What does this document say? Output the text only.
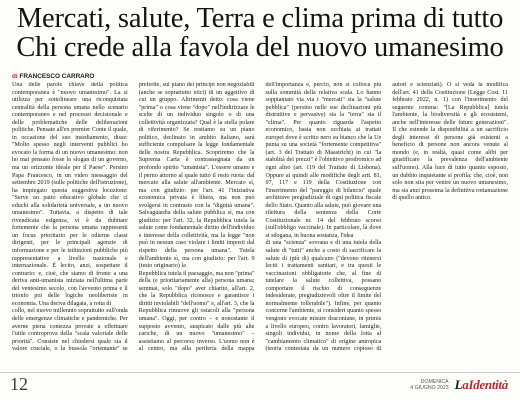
Mercati, salute, Terra e clima prima di tutto
Chi crede alla favola del nuovo umanesimo
di FRANCESCO CARRARO

Una delle parole chiave della politica contemporanea è "nuovo umanesimo". La si utilizza per sottolineare una riconquistata centralità della persona umana nello scenario contemporaneo e nel processo decisionale e delle problematiche delle deliberazioni politiche. Pensate all'ex premier Conte il quale, in occasione del suo insediamento, disse: "Molto spesso negli interventi pubblici ho evocato la forma di un nuovo umanesimo: non ho mai pensato fosse lo slogan di un governo, ma un orizzonte ideale per il Paese". Persino Papa Francesco, in un video messaggio del settembre 2019 (sulle politiche dell'istruzione), ha impiegato questa suggestiva locuzione: "Serve un patto educativo globale che ci educhi alla solidarietà universale, a un nuovo umanesimo". Tuttavia, a dispetto di tale rivendicata esigenza, vi è da dubitare fortemente che la persona umana rappresenti un focus prioritario per le odierne classi dirigenti, per le principali agenzie di informazione e per le istituzioni pubbliche più rappresentative a livello nazionale e internazionale. È lecito, anzi, sospettare il contrario: e, cioè, che siamo di fronte a una deriva anti-umanista iniziata nell'ultima parte del ventesimo secolo, con l'avvento prima e il trionfo poi delle logiche neoliberiste in economia. Una deriva dilagata, a rotta di

collo, nel nuovo millennio soprattutto sull'onda delle emergenze climatiche e pandemiche. Per averne piena contezza provate a effettuare l'utile controprova della "scala valoriale delle priorità". Consiste nel chiedersi quale sia il valore cruciale, o la bussola "orientante" se preferite, sul piano dei principi non negoziabili (anche se soprattutto etici) di un aggettivo di cui un gruppo. Altrimenti detto: cosa viene "prima" o cosa viene "dopo" nell'indirizzare le scelte di un individuo singolo o di una collettività organizzata? Qual è la stella polare di riferimento? Se restiamo su un piano politico, declinato in ambito italiano, sarà sufficiente compulsare la legge fondamentale delle nostra Repubblica. Scopriremo che la Suprema Carta è contrassegnata da un profondo spirito "umanista". L'essere umano e il perno attorno al quale tutto il resto ruota: dal mercato alla salute all'ambiente. Mercato sì, ma con giudizio: per l'art. 41 l'iniziativa economica privata è libera, ma non può svolgersi in contrasto con la "dignità umana". Salvaguardia della salute pubblica sì, ma con giudizio: per l'art. 32, la Repubblica tutela la salute come fondamentale diritto dell'individuo e interesse della collettività, ma la legge "non può in nessun caso violare i limiti imposti dal rispetto della persona umana". Tutela dell'ambiente sì, ma con giudizio: per l'art. 9 (testo originario) la

Repubblica tutela il paesaggio, ma non "prima" della (e prioritariamente alla) persona umana; semmai, solo "dopo" aver chiarito, all'art. 2, che la Repubblica riconosce e garantisce i diritti inviolabili "dell'uomo" e, all'art. 3, che la Repubblica rimuove gli ostacoli alla "persona umana". Oggi, per contro – e nonostante il supposto avvento, auspicato dalle più alte cariche, di un nuovo "umanesimo" – assistiamo al percorso inverso. L'uomo non è al centro, ma alla periferia della mappa dell'importanza e, perciò, non si colloca più sulla sommità della relativa scala. Lo hanno soppiantato via via i "mercati" sia la "salute pubblica" (persino nelle sue declinazioni più distruttive e pervasive) sia la "terra" sia il "clima". Per quanto riguarda l'aspetto economico, basta non occhiata ai trattati europei dove è scritto nero su bianco che la Ue punta su una società "fortemente competitiva" (art. 3 del Trattato di Maastricht) in cui "la stabilità dei prezzi" è l'obiettivo prodromico ad ogni altro (art. 119 del Trattato di Lisbona). Oppure ai quindi alle modifiche degli artt. 81, 97, 117 e 119 della Costituzione con l'inserimento del "pareggio di bilancio" quale architrave pregiudiziale di ogni politica fiscale dello Stato. Quanto alla salute, può giovare una rilettura della sentenza della Corte Costituzionale nr. 14 del febbraio scorso (sull'obbligo vaccinale). In particolare, là dove si sdogana, in buona sostanza, l'idea

di una "scienza" sovrana e di una tutela della salute di "tutti" anche a costo di sacrificare la salute di (più di) qualcuno ("devono ritenersi leciti i trattamenti sanitari, e tra questi le vaccinazioni obbligatorie che, al fine di tutelare la salute collettiva, possano comportare il rischio di conseguenze indesiderate, pregiudizievoli oltre il limite del normalmente tollerabile"). Infine, per quanto concerne l'ambiente, si consideri quanto spesso vengono evocate misure draconiane, in primis a livello europeo, contro lavoratori, famiglie, singoli individui, in nome della lotta al "cambiamento climatico" di origine antropica (teoria contestata da un numero copioso di autori e scienziati). O si veda la modifica dell'art. 41 della Costituzione (Legge Cost. 11 febbraio 2022, n. 1) con l'inserimento del seguente comma: "[La Repubblica] tutela l'ambiente, la biodiversità e gli ecosistemi, anche nell'interesse delle future generazioni". Il che estende la disponibilità a un sacrificio degli interessi di persone già esistenti a beneficio di persone non ancora venute al mondo (e, in realtà, quasi come alibi per giustificare la prevalenza dell'ambiente sull'uomo). Alla luce di tutto quanto esposto, un dubbio inquietante si profila: che, cioè, non solo non stia per venire un nuovo umanesimo, ma sia anzi prossima la definitiva rottamazione di quello antico.

12	DOMENICA
4 GIUGNO 2023 LaIdentità
